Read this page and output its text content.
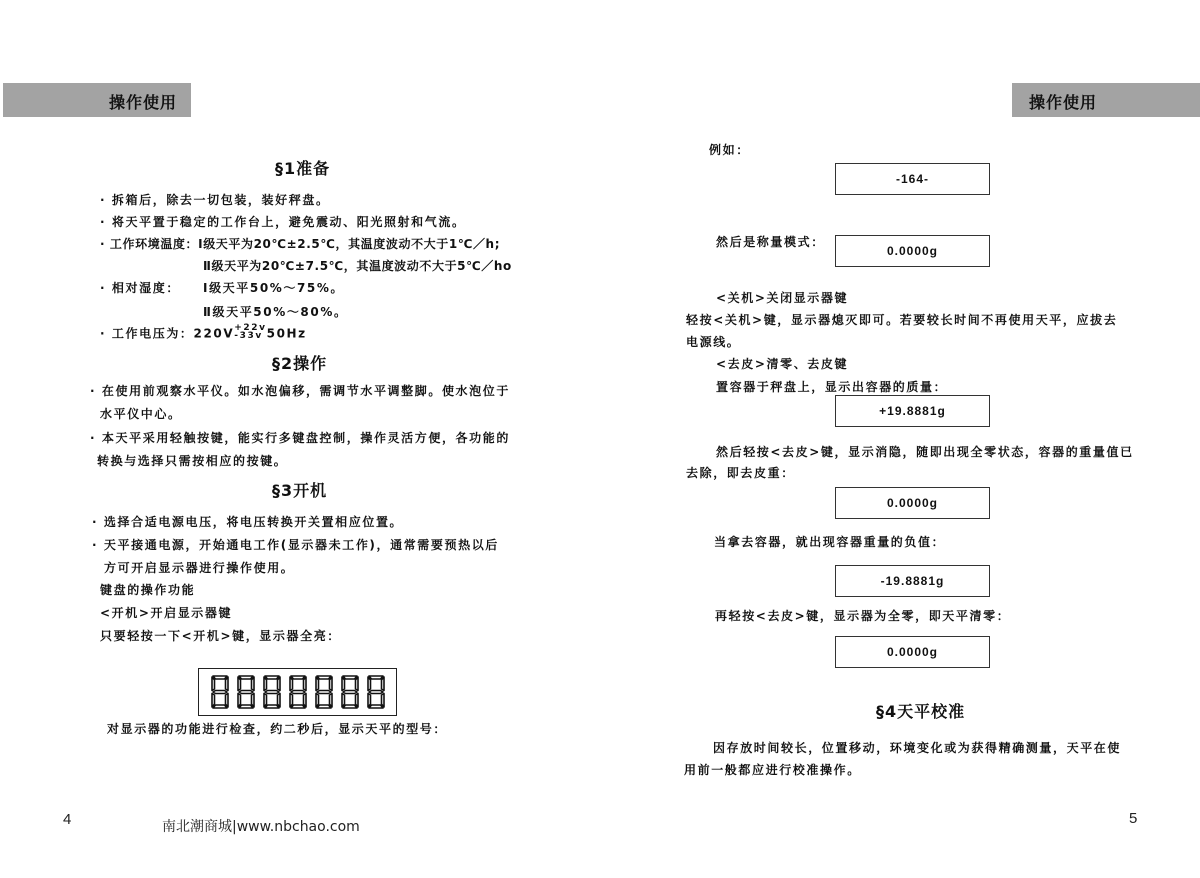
操作使用
§1准备
· 拆箱后，除去一切包装，装好秤盘。
· 将天平置于稳定的工作台上，避免震动、阳光照射和气流。
· 工作环境温度：Ⅰ级天平为20℃±2.5℃，其温度波动不大于1℃／h;
Ⅱ级天平为20℃±7.5℃，其温度波动不大于5℃／ho
· 相对湿度： Ⅰ级天平50%～75%。
Ⅱ级天平50%～80%。
· 工作电压为：220V +22v
-33v 50Hz
§2操作
· 在使用前观察水平仪。如水泡偏移，需调节水平调整脚。使水泡位于
水平仪中心。
· 本天平采用轻触按键，能实行多键盘控制，操作灵活方便，各功能的
转换与选择只需按相应的按键。
§3开机
· 选择合适电源电压，将电压转换开关置相应位置。
· 天平接通电源，开始通电工作(显示器未工作)，通常需要预热以后
方可开启显示器进行操作使用。
键盘的操作功能
<开机>开启显示器键
只要轻按一下<开机>键，显示器全亮：
对显示器的功能进行检查，约二秒后，显示天平的型号：
4	南北潮商城|www.nbchao.com
操作使用
例如：
-164-
然后是称量模式：
0.0000g
<关机>关闭显示器键
轻按<关机>键，显示器熄灭即可。若要较长时间不再使用天平，应拔去
电源线。
<去皮>清零、去皮键
置容器于秤盘上，显示出容器的质量：
+19.8881g
然后轻按<去皮>键，显示消隐，随即出现全零状态，容器的重量值已
去除，即去皮重：
0.0000g
当拿去容器，就出现容器重量的负值：
-19.8881g
再轻按<去皮>键，显示器为全零，即天平清零：
0.0000g
§4天平校准
因存放时间较长，位置移动，环境变化或为获得精确测量，天平在使
用前一般都应进行校准操作。
5
